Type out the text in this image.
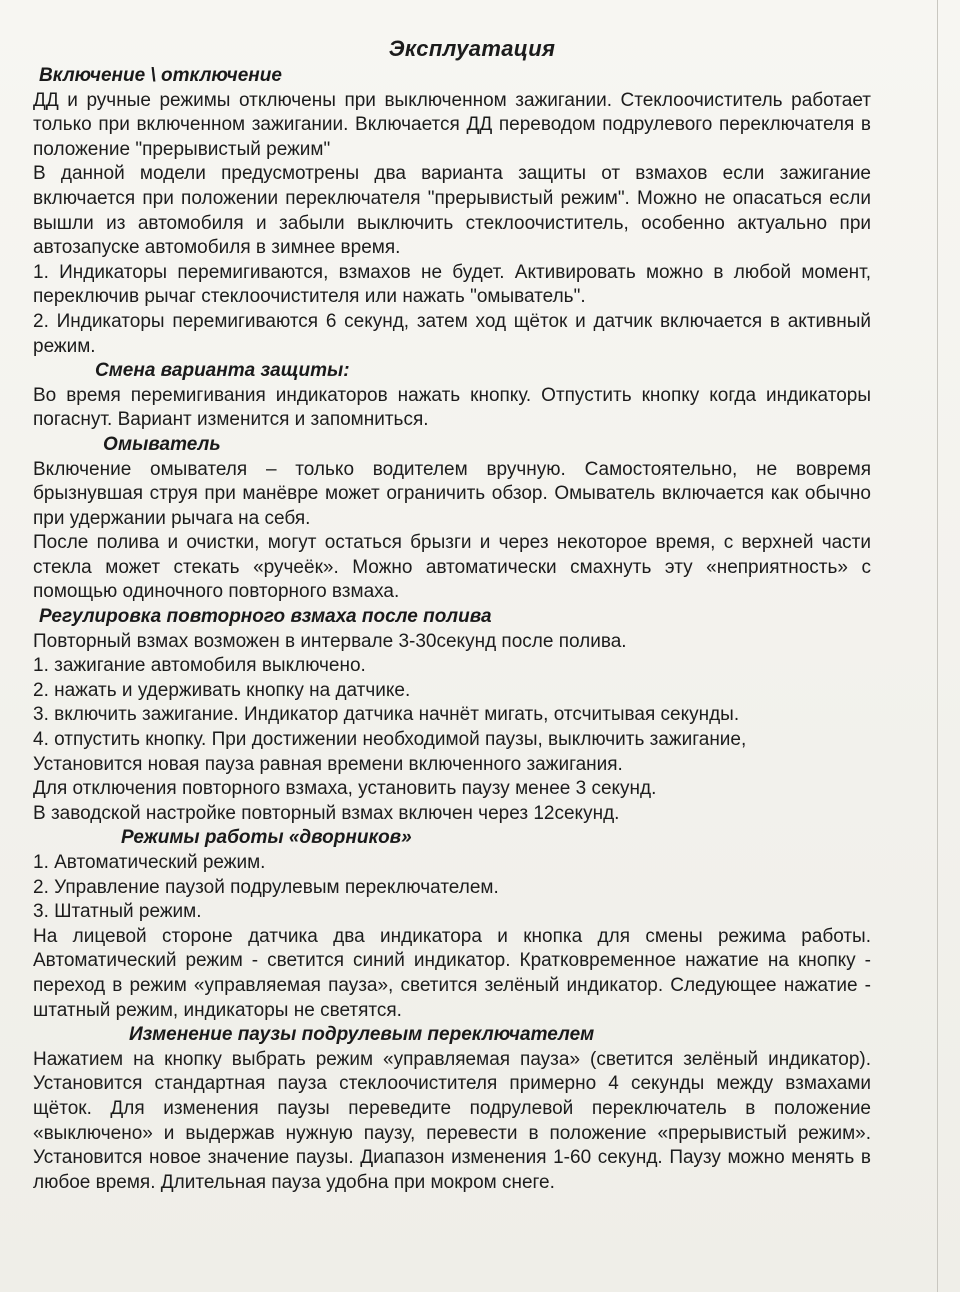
Эксплуатация
Включение \ отключение

ДД и ручные режимы отключены при выключенном зажигании. Стеклоочиститель работает только при включенном зажигании. Включается ДД переводом подрулевого переключателя в положение "прерывистый режим"

В данной модели предусмотрены два варианта защиты от взмахов если зажигание включается при положении переключателя "прерывистый режим". Можно не опасаться если вышли из автомобиля и забыли выключить стеклоочиститель, особенно актуально при автозапуске автомобиля в зимнее время.

1. Индикаторы перемигиваются, взмахов не будет. Активировать можно в любой момент, переключив рычаг стеклоочистителя или нажать "омыватель".

2. Индикаторы перемигиваются 6 секунд, затем ход щёток и датчик включается в активный режим.

Смена варианта защиты:

Во время перемигивания индикаторов нажать кнопку. Отпустить кнопку когда индикаторы погаснут. Вариант изменится и запомниться.

Омыватель

Включение омывателя – только водителем вручную. Самостоятельно, не вовремя брызнувшая струя при манёвре может ограничить обзор. Омыватель включается как обычно при удержании рычага на себя.

После полива и очистки, могут остаться брызги и через некоторое время, с верхней части стекла может стекать «ручеёк». Можно автоматически смахнуть эту «неприятность» с помощью одиночного повторного взмаха.

Регулировка повторного взмаха после полива

Повторный взмах возможен в интервале 3-30секунд после полива.

1. зажигание автомобиля выключено.

2. нажать и удерживать кнопку на датчике.

3. включить зажигание. Индикатор датчика начнёт мигать, отсчитывая секунды.

4. отпустить кнопку. При достижении необходимой паузы, выключить зажигание,

Установится новая пауза равная времени включенного зажигания.

Для отключения повторного взмаха, установить паузу менее 3 секунд.

В заводской настройке повторный взмах включен через 12секунд.

Режимы работы «дворников»

1. Автоматический режим.

2. Управление паузой подрулевым переключателем.

3. Штатный режим.

На лицевой стороне датчика два индикатора и кнопка для смены режима работы. Автоматический режим - светится синий индикатор. Кратковременное нажатие на кнопку - переход в режим «управляемая пауза», светится зелёный индикатор. Следующее нажатие - штатный режим, индикаторы не светятся.

Изменение паузы подрулевым переключателем

Нажатием на кнопку выбрать режим «управляемая пауза» (светится зелёный индикатор). Установится стандартная пауза стеклоочистителя примерно 4 секунды между взмахами щёток. Для изменения паузы переведите подрулевой переключатель в положение «выключено» и выдержав нужную паузу, перевести в положение «прерывистый режим». Установится новое значение паузы. Диапазон изменения 1-60 секунд. Паузу можно менять в любое время. Длительная пауза удобна при мокром снеге.
